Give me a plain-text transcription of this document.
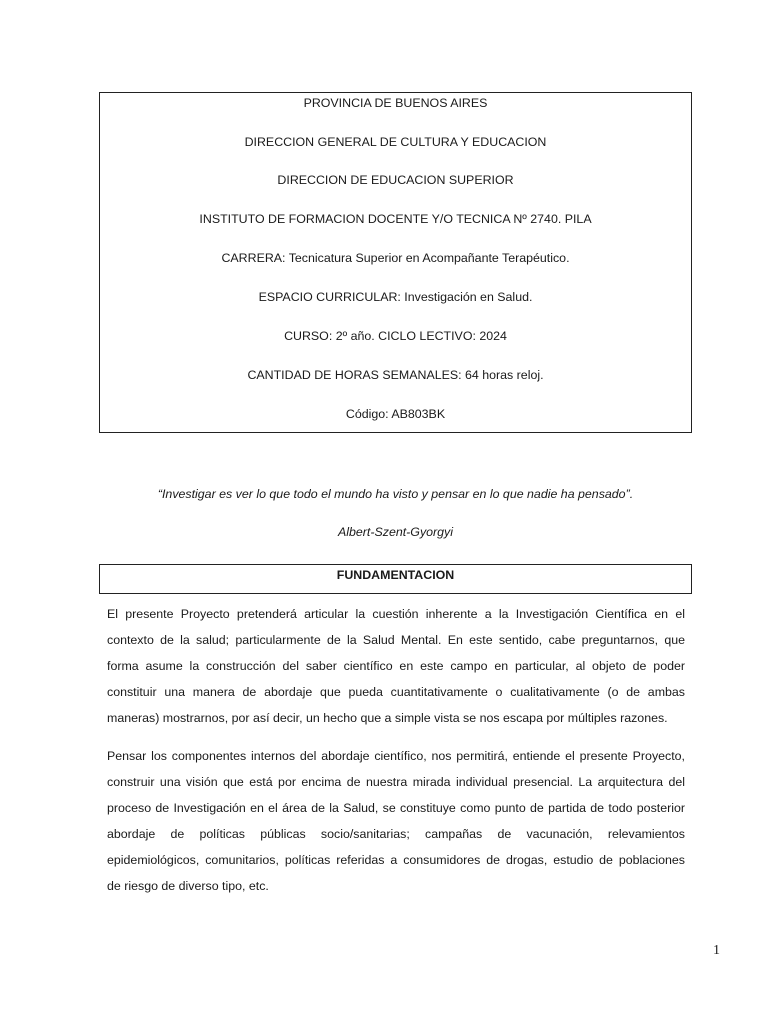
PROVINCIA DE BUENOS AIRES
DIRECCION GENERAL DE CULTURA Y EDUCACION
DIRECCION DE EDUCACION SUPERIOR
INSTITUTO DE FORMACION DOCENTE Y/O TECNICA Nº 2740. PILA
CARRERA: Tecnicatura Superior en Acompañante Terapéutico.
ESPACIO CURRICULAR: Investigación en Salud.
CURSO: 2º año. CICLO LECTIVO: 2024
CANTIDAD DE HORAS SEMANALES: 64 horas reloj.
Código: AB803BK
“Investigar es ver lo que todo el mundo ha visto y pensar en lo que nadie ha pensado”.
Albert-Szent-Gyorgyi
FUNDAMENTACION
El presente Proyecto pretenderá articular la cuestión inherente a la Investigación Científica en el
contexto de la salud; particularmente de la Salud Mental. En este sentido, cabe preguntarnos, que
forma asume la construcción del saber científico en este campo en particular, al objeto de poder
constituir una manera de abordaje que pueda cuantitativamente o cualitativamente (o de ambas
maneras) mostrarnos, por así decir, un hecho que a simple vista se nos escapa por múltiples razones.
Pensar los componentes internos del abordaje científico, nos permitirá, entiende el presente Proyecto,
construir una visión que está por encima de nuestra mirada individual presencial. La arquitectura del
proceso de Investigación en el área de la Salud, se constituye como punto de partida de todo posterior
abordaje de políticas públicas socio/sanitarias; campañas de vacunación, relevamientos
epidemiológicos, comunitarios, políticas referidas a consumidores de drogas, estudio de poblaciones
de riesgo de diverso tipo, etc.
1
